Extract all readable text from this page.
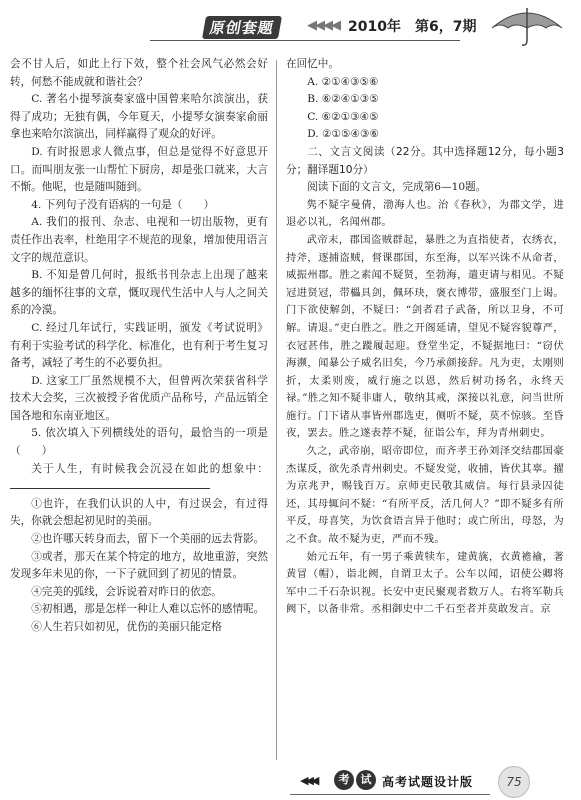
原创套题	◀◀◀◀ 2010年　第6，7期

会不甘人后，如此上行下效，整个社会风气必然会好转，何愁不能成就和谐社会？

C. 著名小提琴演奏家盛中国曾来哈尔滨演出，获得了成功；无独有偶，今年夏天，小提琴女演奏家俞丽拿也来哈尔滨演出，同样赢得了观众的好评。

D. 有时报恩求人微点事，但总是觉得不好意思开口。而叫朋友张一山帮忙下厨房，却是张口就来，大言不惭。他呢，也是随叫随到。

4. 下列句子没有语病的一句是（　　）

A. 我们的报刊、杂志、电视和一切出版物，更有责任作出表率，杜绝用字不规范的现象，增加使用语言文字的规范意识。

B. 不知是曾几何时，报纸书刊杂志上出现了越来越多的缅怀往事的文章，慨叹现代生活中人与人之间关系的冷漠。

C. 经过几年试行，实践证明，颁发《考试说明》有利于实验考试的科学化、标准化，也有利于考生复习备考，减轻了考生的不必要负担。

D. 这家工厂虽然规模不大，但曾两次荣获省科学技术大会奖，三次被授予省优质产品称号，产品远销全国各地和东南亚地区。

5. 依次填入下列横线处的语句，最恰当的一项是（　　）

关于人生，有时候我会沉浸在如此的想象中：

①也许，在我们认识的人中，有过误会，有过得失，你就会想起初见时的美丽。

②也许哪天转身而去，留下一个美丽的远去背影。

③或者，那天在某个特定的地方，故地重游，突然发现多年未见的你，一下子就回到了初见的情景。

④完美的弧线，会诉说着对昨日的依恋。

⑤初相遇，那是怎样一种让人难以忘怀的感情呢。

⑥人生若只如初见，优伤的美丽只能定格

在回忆中。

A. ②①④③⑤⑥

B. ⑥②④①③⑤

C. ⑥②①③④⑤

D. ②①⑤④③⑥

二、文言文阅读（22分。其中选择题12分，每小题3分；翻译题10分）

阅读下面的文言文，完成第6—10题。

隽不疑字曼倩，渤海人也。治《春秋》，为郡文学，进退必以礼，名闻州郡。

武帝末，郡国盗贼群起，暴胜之为直指使者，衣绣衣，持斧，逐捕盗贼，督课郡国，东至海，以军兴诛不从命者，威振州郡。胜之素闻不疑贤，至勃海，遣吏请与相见。不疑冠进贤冠，带櫑具剑，佩环玦，褒衣博带，盛服至门上谒。门下欲使解剑，不疑曰：“剑者君子武备，所以卫身，不可解。请退。”吏白胜之。胜之开阁延请，望见不疑容貌尊严，衣冠甚伟，胜之蹝履起迎。登堂坐定，不疑据地曰：“窃伏海濒，闻暴公子威名旧矣，今乃承颜接辞。凡为吏，太刚则折，太柔则废，威行施之以恩，然后树功扬名，永终天禄。”胜之知不疑非庸人，敬纳其戒，深接以礼意，问当世所施行。门下诸从事皆州郡选吏，侧听不疑，莫不惊骇。至昏夜，罢去。胜之遂表荐不疑，征诣公车，拜为青州刺史。

久之，武帝崩，昭帝即位，而齐孝王孙刘泽交结郡国豪杰谋反，欲先杀青州刺史。不疑发觉，收捕，皆伏其辜。擢为京兆尹，赐钱百万。京师吏民敬其威信。每行县录囚徒还，其母辄问不疑：“有所平反，活几何人？”即不疑多有所平反，母喜笑，为饮食语言异于他时；或亡所出，母怒，为之不食。故不疑为吏，严而不残。

始元五年，有一男子乘黄犊车，建黄旐，衣黄襜褕，著黄冒（帽），诣北阙，自谓卫太子。公车以闻，诏使公卿将军中二千石杂识视。长安中吏民聚观者数万人。右将军勒兵阙下，以备非常。丞相御史中二千石至者并莫敢发言。京

◀◀◀	考	试 高考试题设计版	75
